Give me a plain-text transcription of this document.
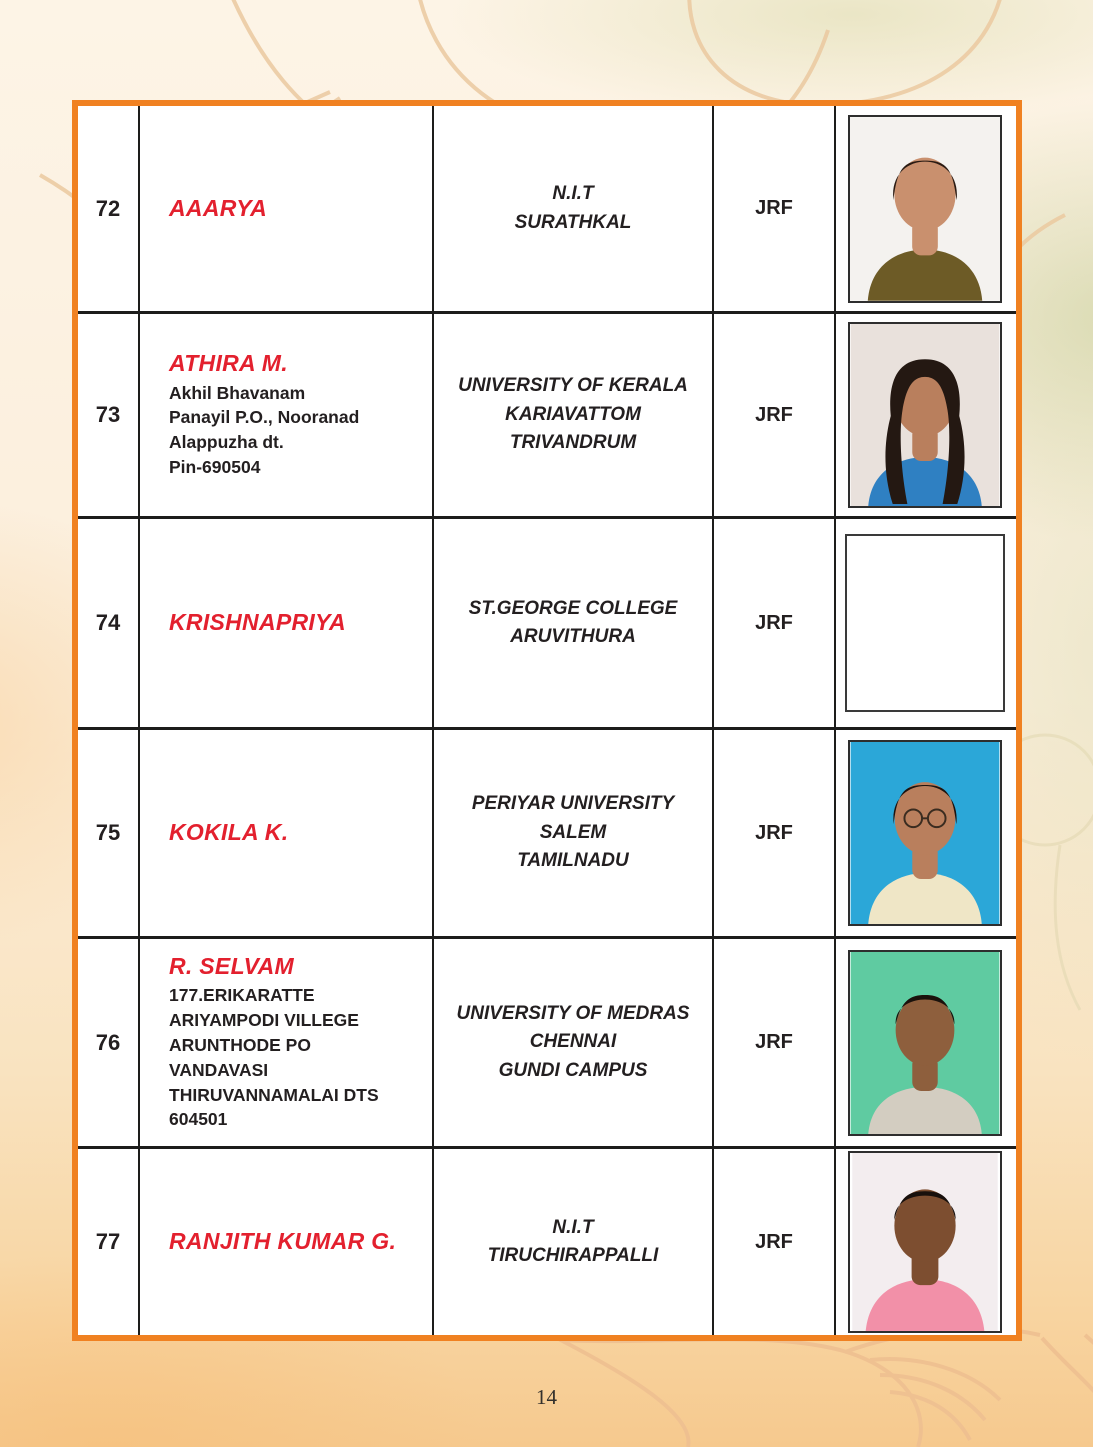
72 AAARYA
N.I.T
SURATHKAL
JRF
73
ATHIRA M.
Akhil Bhavanam
Panayil P.O., Nooranad
Alappuzha dt.
Pin-690504
UNIVERSITY OF KERALA
KARIAVATTOM
TRIVANDRUM
JRF
74 KRISHNAPRIYA
ST.GEORGE COLLEGE
ARUVITHURA
JRF
75 KOKILA K.
PERIYAR UNIVERSITY
SALEM
TAMILNADU
JRF
76
R. SELVAM
177.ERIKARATTE
ARIYAMPODI VILLEGE
ARUNTHODE PO
VANDAVASI
THIRUVANNAMALAI DTS
604501
UNIVERSITY OF MEDRAS
CHENNAI
GUNDI CAMPUS
JRF
77 RANJITH KUMAR G.
N.I.T
TIRUCHIRAPPALLI
JRF
14
